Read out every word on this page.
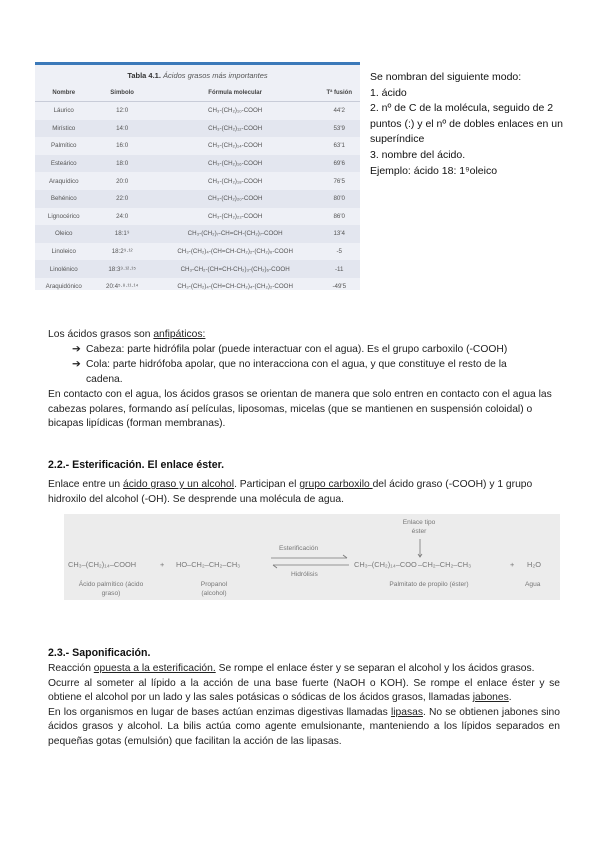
Tabla 4.1. Ácidos grasos más importantes
Nombre	Símbolo	Fórmula molecular	Tª fusión
Láurico	12:0	CH₃-(CH₂)₁₀-COOH	44'2
Mirístico	14:0	CH₃-(CH₂)₁₂-COOH	53'9
Palmítico	16:0	CH₃-(CH₂)₁₄-COOH	63'1
Esteárico	18:0	CH₃-(CH₂)₁₆-COOH	69'6
Araquídico	20:0	CH₃-(CH₂)₁₈-COOH	76'5
Behénico	22:0	CH₃-(CH₂)₂₀-COOH	80'0
Lignocérico	24:0	CH₃-(CH₂)₂₂-COOH	86'0
Oleico	18:1⁹	CH₃-(CH₂)₇-CH=CH-(CH₂)₇-COOH	13'4
Linoleico	18:2⁹·¹²	CH₃-(CH₂)₄-(CH=CH-CH₂)₂-(CH₂)₆-COOH	-5
Linolénico	18:3⁹·¹²·¹⁵	CH₃-CH₂-(CH=CH-CH₂)₃-(CH₂)₆-COOH	-11
Araquidónico	20:4⁵·⁸·¹¹·¹⁴	CH₃-(CH₂)₄-(CH=CH-CH₂)₄-(CH₂)₂-COOH	-49'5
Se nombran del siguiente modo:
1. ácido
2. nº de C de la molécula, seguido de 2 puntos (:) y el nº de dobles enlaces en un superíndice
3. nombre del ácido.
Ejemplo: ácido 18: 1⁹oleico
Los ácidos grasos son anfipáticos:
➔ Cabeza: parte hidrófila polar (puede interactuar con el agua). Es el grupo carboxilo (-COOH)
➔ Cola: parte hidrófoba apolar, que no interacciona con el agua, y que constituye el resto de la cadena.
En contacto con el agua, los ácidos grasos se orientan de manera que solo entren en contacto con el agua las cabezas polares, formando así películas, liposomas, micelas (que se mantienen en suspensión coloidal) o bicapas lipídicas (forman membranas).
2.2.- Esterificación. El enlace éster.
Enlace entre un ácido graso y un alcohol. Participan el grupo carboxilo del ácido graso (-COOH) y 1 grupo hidroxilo del alcohol (-OH). Se desprende una molécula de agua.
CH₃–(CH₂)₁₄–COOH	+ HO–CH₂–CH₂–CH₃
Esterificación
Hidrólisis
CH₃–(CH₂)₁₄–COO –CH₂–CH₂–CH₃	+ H₂O
Enlace tipo éster
Ácido palmítico (ácido graso)
Propanol (alcohol)
Palmitato de propilo (éster)	Agua
2.3.- Saponificación.
Reacción opuesta a la esterificación. Se rompe el enlace éster y se separan el alcohol y los ácidos grasos.
Ocurre al someter al lípido a la acción de una base fuerte (NaOH o KOH). Se rompe el enlace éster y se obtiene el alcohol por un lado y las sales potásicas o sódicas de los ácidos grasos, llamadas jabones.
En los organismos en lugar de bases actúan enzimas digestivas llamadas lipasas. No se obtienen jabones sino ácidos grasos y alcohol. La bilis actúa como agente emulsionante, manteniendo a los lípidos separados en pequeñas gotas (emulsión) que facilitan la acción de las lipasas.
